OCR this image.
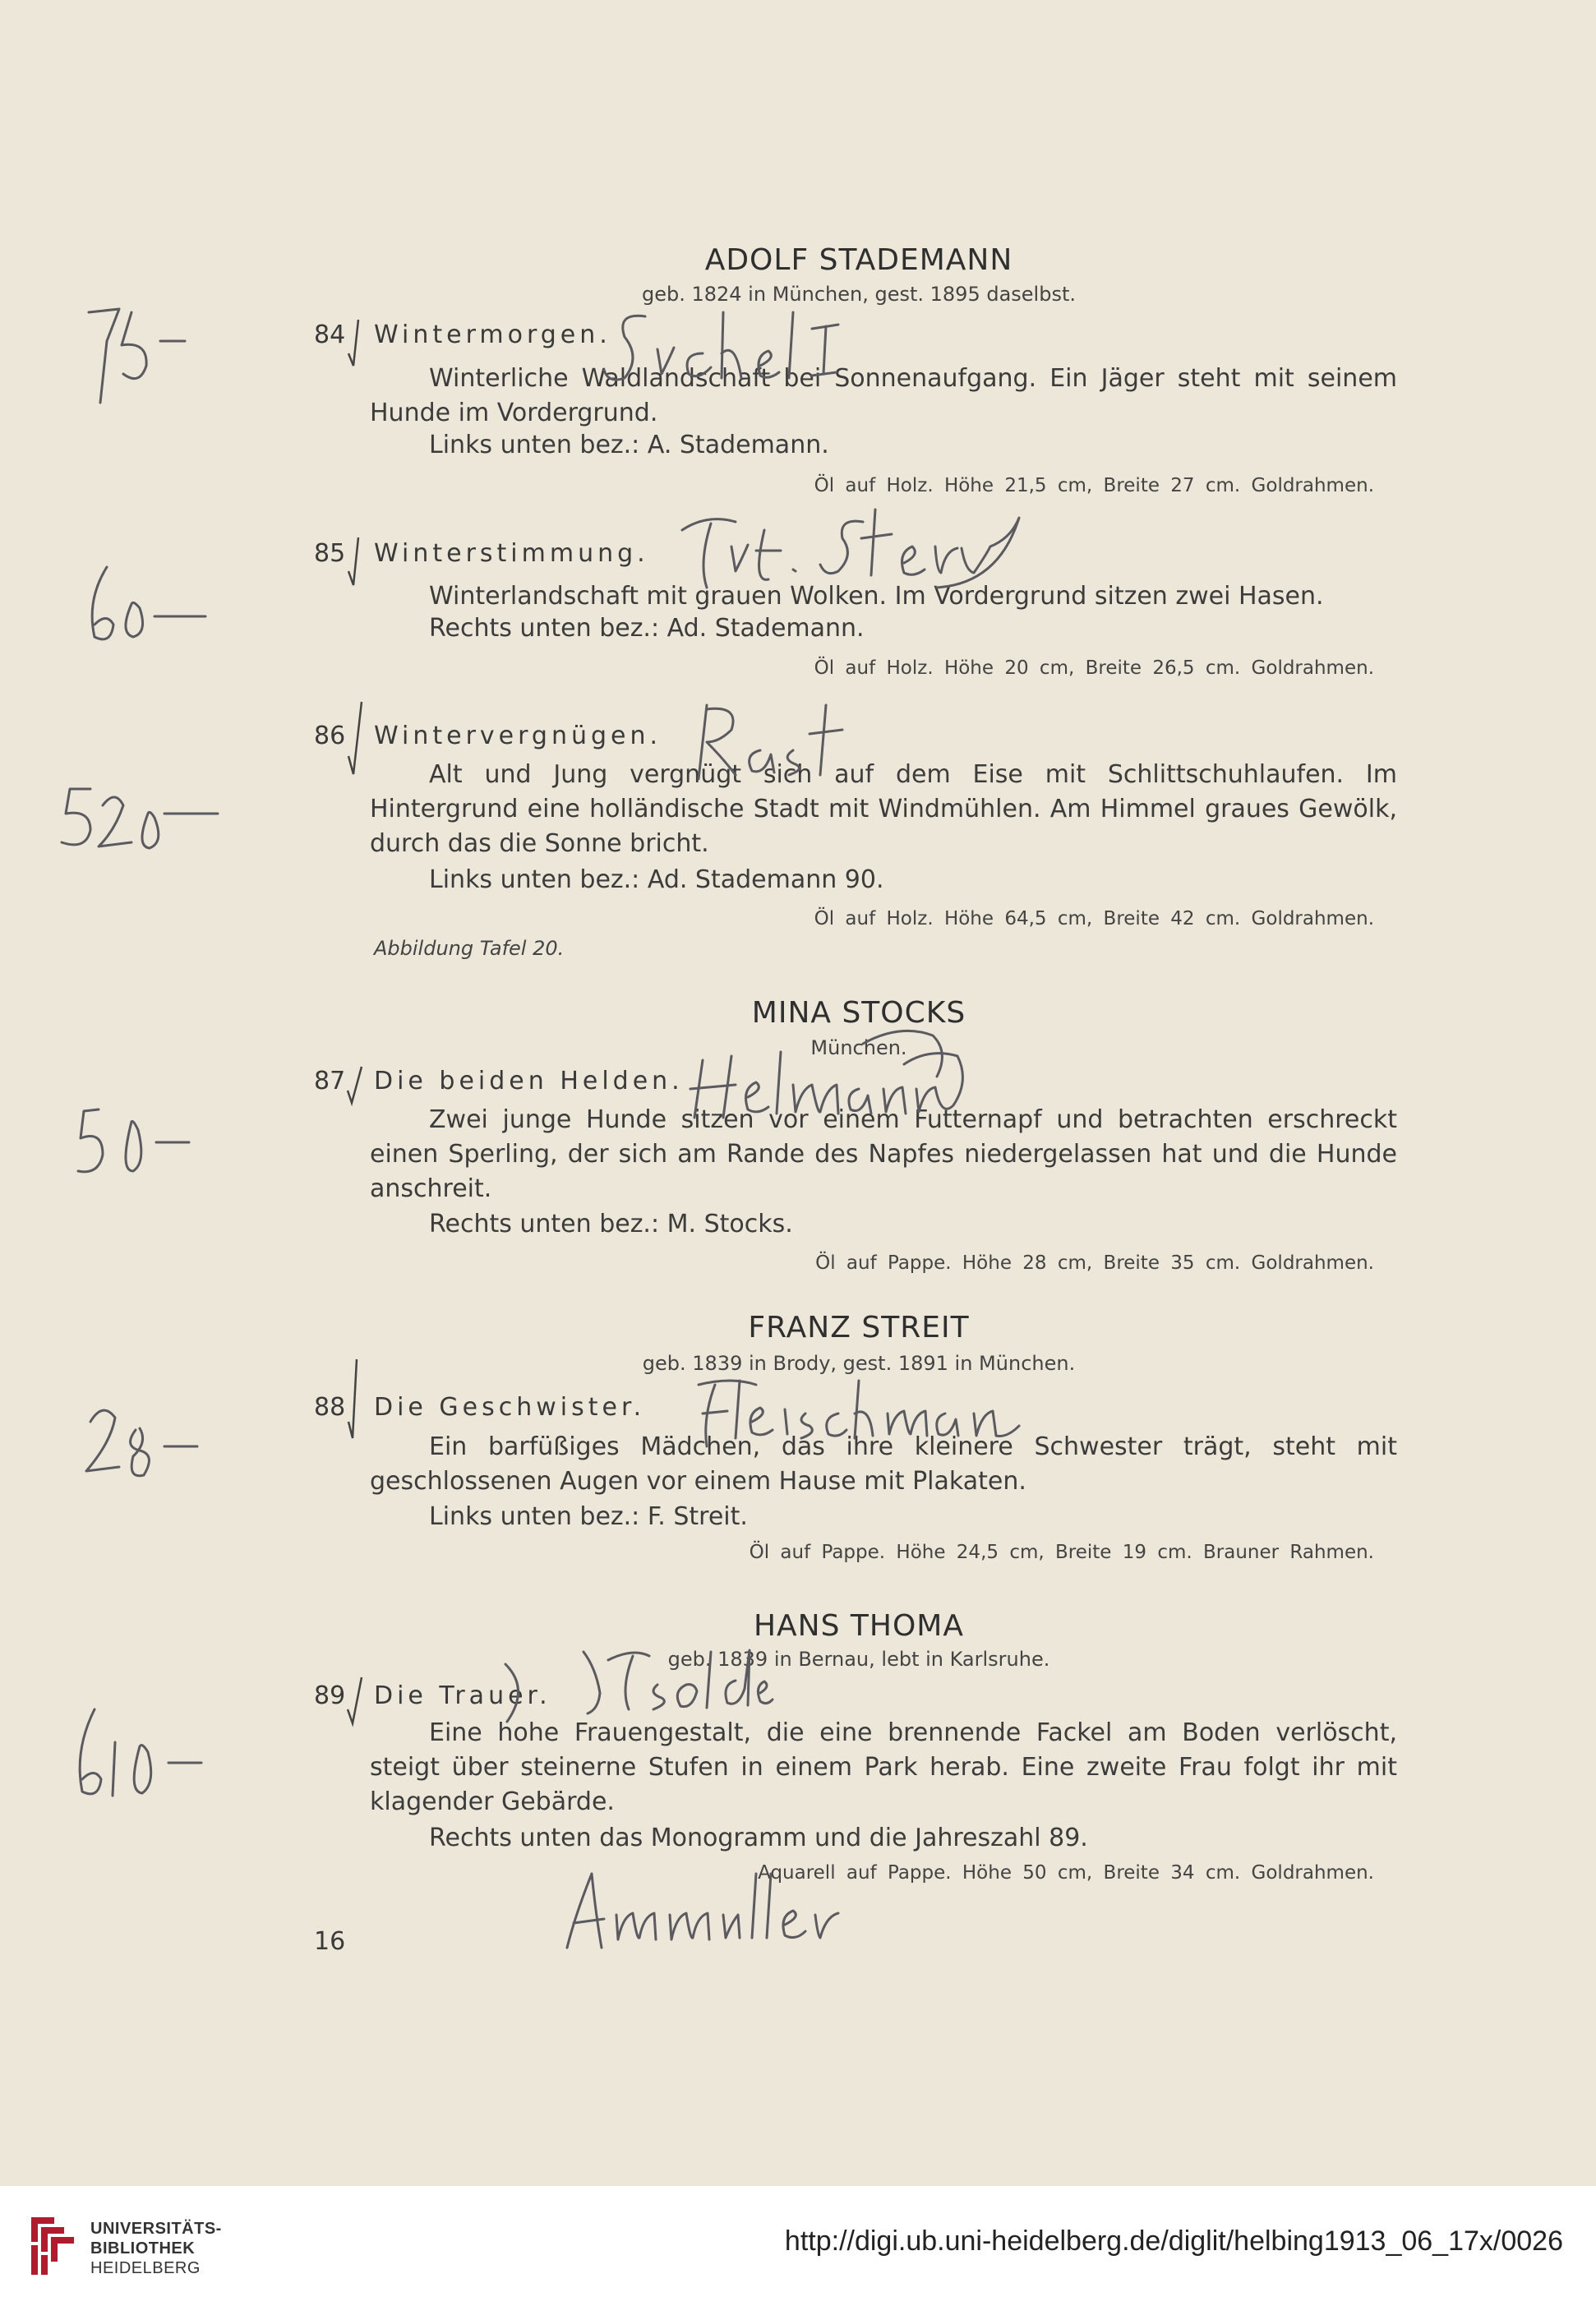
ADOLF STADEMANN
geb. 1824 in München, gest. 1895 daselbst.
84 Wintermorgen.
Winterliche Waldlandschaft bei Sonnenaufgang. Ein Jäger steht mit seinem Hunde im Vordergrund.
Links unten bez.: A. Stademann.
Öl auf Holz. Höhe 21,5 cm, Breite 27 cm. Goldrahmen.
85 Winterstimmung.
Winterlandschaft mit grauen Wolken. Im Vordergrund sitzen zwei Hasen.
Rechts unten bez.: Ad. Stademann.
Öl auf Holz. Höhe 20 cm, Breite 26,5 cm. Goldrahmen.
86 Wintervergnügen.
Alt und Jung vergnügt sich auf dem Eise mit Schlittschuhlaufen. Im Hintergrund eine holländische Stadt mit Windmühlen. Am Himmel graues Gewölk, durch das die Sonne bricht.
Links unten bez.: Ad. Stademann 90.
Öl auf Holz. Höhe 64,5 cm, Breite 42 cm. Goldrahmen.
Abbildung Tafel 20.
MINA STOCKS
München.
87 Die beiden Helden.
Zwei junge Hunde sitzen vor einem Futternapf und betrachten erschreckt einen Sperling, der sich am Rande des Napfes niedergelassen hat und die Hunde anschreit.
Rechts unten bez.: M. Stocks.
Öl auf Pappe. Höhe 28 cm, Breite 35 cm. Goldrahmen.
FRANZ STREIT
geb. 1839 in Brody, gest. 1891 in München.
88 Die Geschwister.
Ein barfüßiges Mädchen, das ihre kleinere Schwester trägt, steht mit geschlossenen Augen vor einem Hause mit Plakaten.
Links unten bez.: F. Streit.
Öl auf Pappe. Höhe 24,5 cm, Breite 19 cm. Brauner Rahmen.
HANS THOMA
geb. 1839 in Bernau, lebt in Karlsruhe.
89 Die Trauer.
Eine hohe Frauengestalt, die eine brennende Fackel am Boden verlöscht, steigt über steinerne Stufen in einem Park herab. Eine zweite Frau folgt ihr mit klagender Gebärde.
Rechts unten das Monogramm und die Jahreszahl 89.
Aquarell auf Pappe. Höhe 50 cm, Breite 34 cm. Goldrahmen.
16
UNIVERSITÄTS-
BIBLIOTHEK
HEIDELBERG
http://digi.ub.uni-heidelberg.de/diglit/helbing1913_06_17x/0026
